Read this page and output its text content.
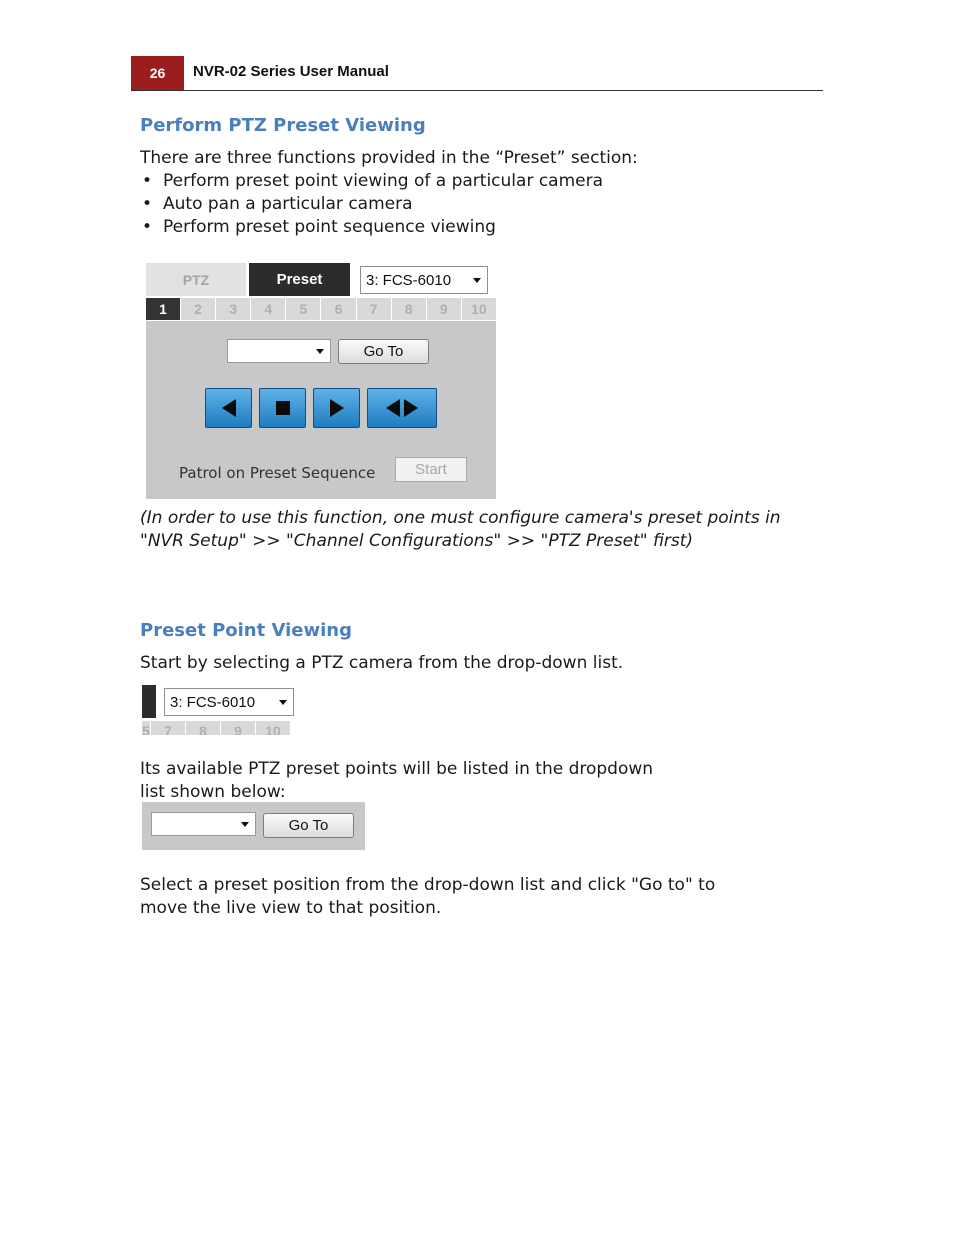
26	NVR-02 Series User Manual
Perform PTZ Preset Viewing

There are three functions provided in the “Preset” section:

• Perform preset point viewing of a particular camera
• Auto pan a particular camera
• Perform preset point sequence viewing
PTZ	Preset	3: FCS-6010
1	2	3	4	5	6	7	8	9	10
Go To
Patrol on Preset Sequence	Start

(In order to use this function, one must configure camera's preset points in "NVR Setup" >> "Channel Configurations" >> "PTZ Preset" first)

Preset Point Viewing

Start by selecting a PTZ camera from the drop-down list.

3: FCS-6010
5	7	8	9	10

Its available PTZ preset points will be listed in the dropdown

list shown below:

Go To

Select a preset position from the drop-down list and click "Go to" to

move the live view to that position.
